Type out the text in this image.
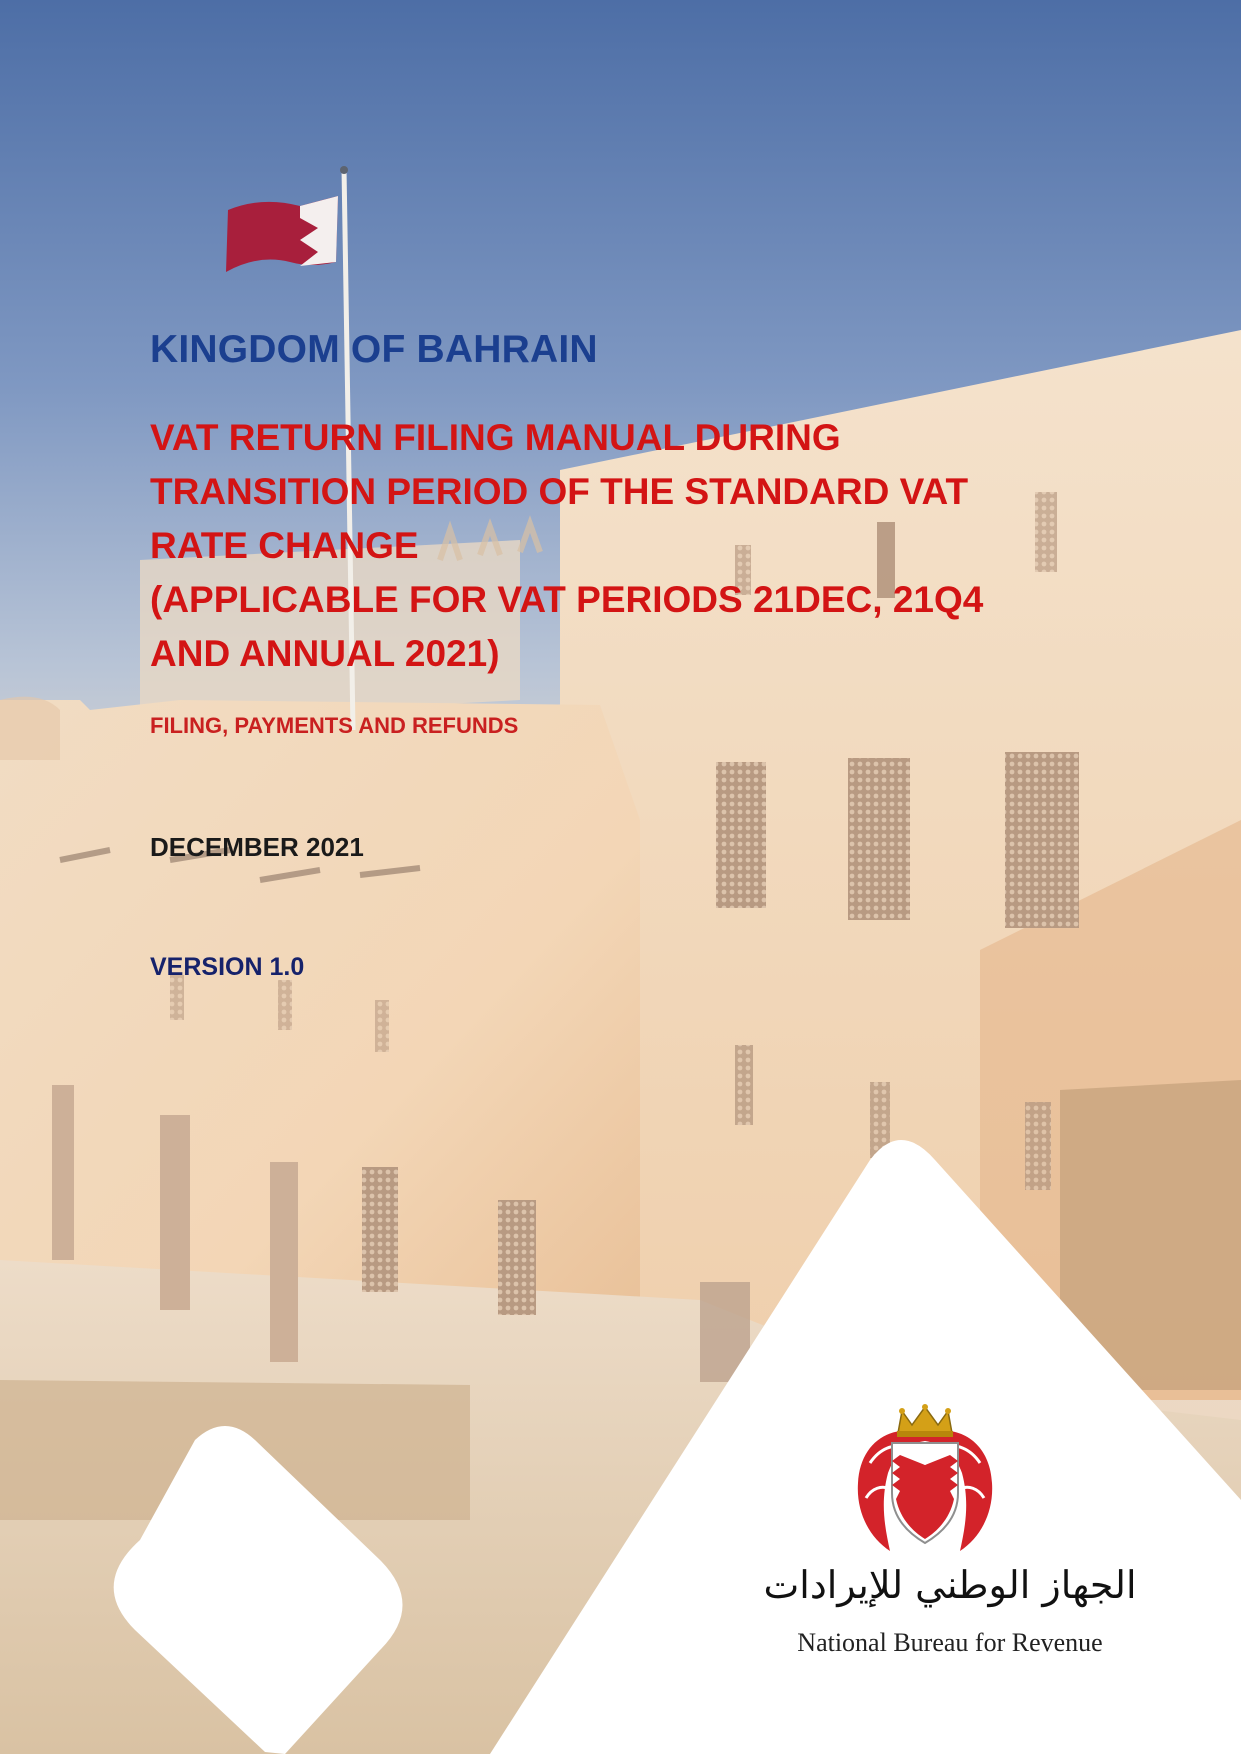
KINGDOM OF BAHRAIN
VAT RETURN FILING MANUAL DURING
TRANSITION PERIOD OF THE STANDARD VAT
RATE CHANGE
(APPLICABLE FOR VAT PERIODS 21DEC, 21Q4
AND ANNUAL 2021)

FILING, PAYMENTS AND REFUNDS

DECEMBER 2021

VERSION 1.0

الجهاز الوطني للإيرادات
National Bureau for Revenue
